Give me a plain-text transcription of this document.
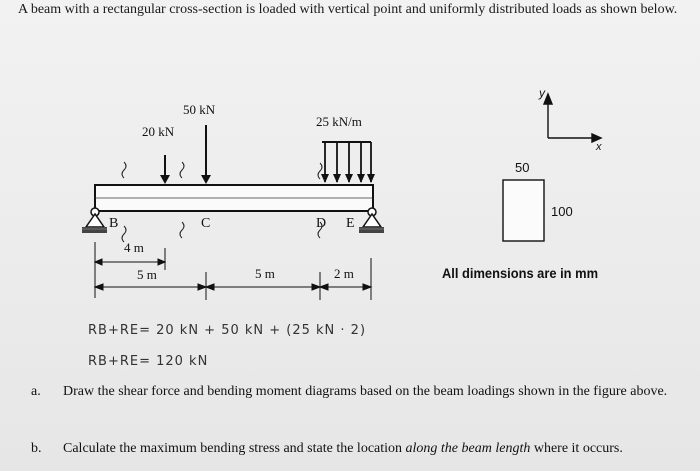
A beam with a rectangular cross-section is loaded with vertical point and uniformly distributed loads as shown below.
50 kN
20 kN
25 kN/m
B	C	D E
4 m
5 m	5 m	2 m
y
x
50
100
All dimensions are in mm
RB+RE= 20 kN + 50 kN + (25 kN · 2)
RB+RE= 120 kN
a. Draw the shear force and bending moment diagrams based on the beam loadings shown in the figure above.
b. Calculate the maximum bending stress and state the location along the beam length where it occurs.
